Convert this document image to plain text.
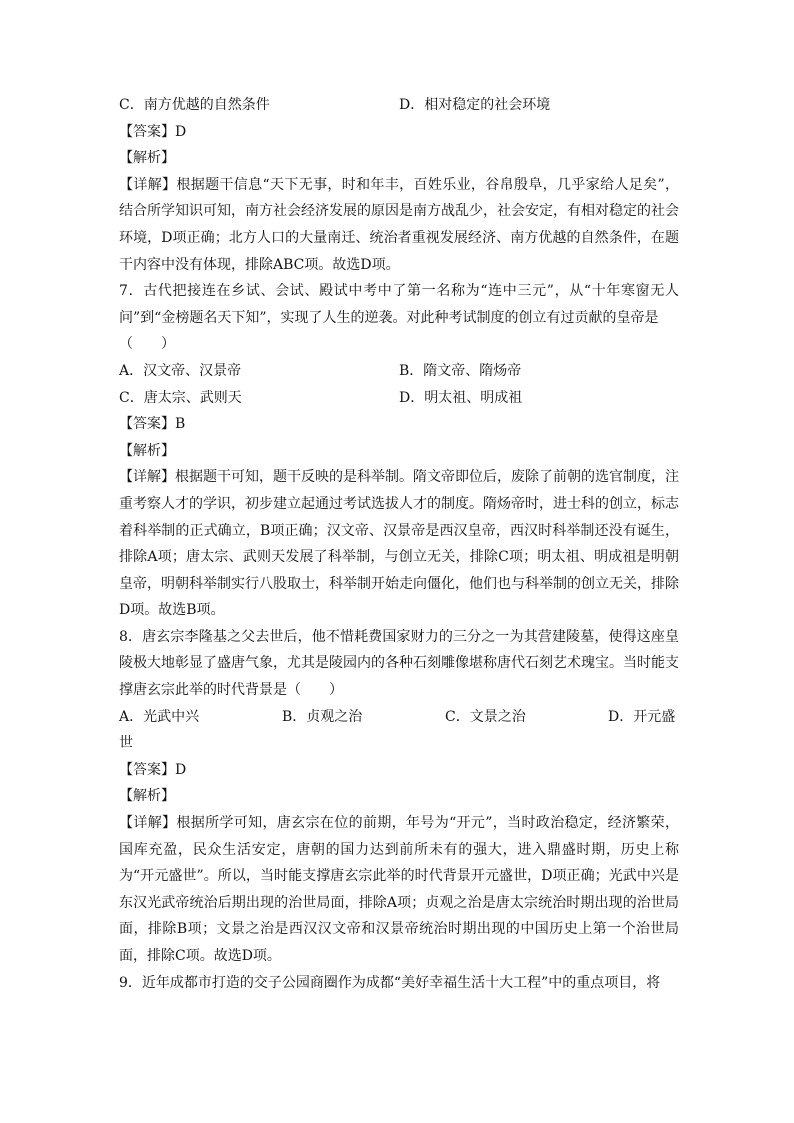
C．南方优越的自然条件	D．相对稳定的社会环境
【答案】D
【解析】
【详解】根据题干信息“天下无事，时和年丰，百姓乐业，谷帛殷阜，几乎家给人足矣”，结合所学知识可知，南方社会经济发展的原因是南方战乱少，社会安定，有相对稳定的社会环境，D项正确；北方人口的大量南迁、统治者重视发展经济、南方优越的自然条件，在题干内容中没有体现，排除ABC项。故选D项。
7．古代把接连在乡试、会试、殿试中考中了第一名称为“连中三元”，从“十年寒窗无人问”到“金榜题名天下知”，实现了人生的逆袭。对此种考试制度的创立有过贡献的皇帝是
（　　）
A．汉文帝、汉景帝	B．隋文帝、隋炀帝
C．唐太宗、武则天	D．明太祖、明成祖
【答案】B
【解析】
【详解】根据题干可知，题干反映的是科举制。隋文帝即位后，废除了前朝的选官制度，注重考察人才的学识，初步建立起通过考试选拔人才的制度。隋炀帝时，进士科的创立，标志着科举制的正式确立，B项正确；汉文帝、汉景帝是西汉皇帝，西汉时科举制还没有诞生，排除A项；唐太宗、武则天发展了科举制，与创立无关，排除C项；明太祖、明成祖是明朝皇帝，明朝科举制实行八股取士，科举制开始走向僵化，他们也与科举制的创立无关，排除D项。故选B项。
8．唐玄宗李隆基之父去世后，他不惜耗费国家财力的三分之一为其营建陵墓，使得这座皇陵极大地彰显了盛唐气象，尤其是陵园内的各种石刻雕像堪称唐代石刻艺术瑰宝。当时能支撑唐玄宗此举的时代背景是（　　）
A．光武中兴	B．贞观之治	C．文景之治	D．开元盛
世
【答案】D
【解析】
【详解】根据所学可知，唐玄宗在位的前期，年号为“开元”，当时政治稳定，经济繁荣，国库充盈，民众生活安定，唐朝的国力达到前所未有的强大，进入鼎盛时期，历史上称为“开元盛世”。所以，当时能支撑唐玄宗此举的时代背景开元盛世，D项正确；光武中兴是东汉光武帝统治后期出现的治世局面，排除A项；贞观之治是唐太宗统治时期出现的治世局面，排除B项；文景之治是西汉汉文帝和汉景帝统治时期出现的中国历史上第一个治世局面，排除C项。故选D项。
9．近年成都市打造的交子公园商圈作为成都“美好幸福生活十大工程”中的重点项目，将
